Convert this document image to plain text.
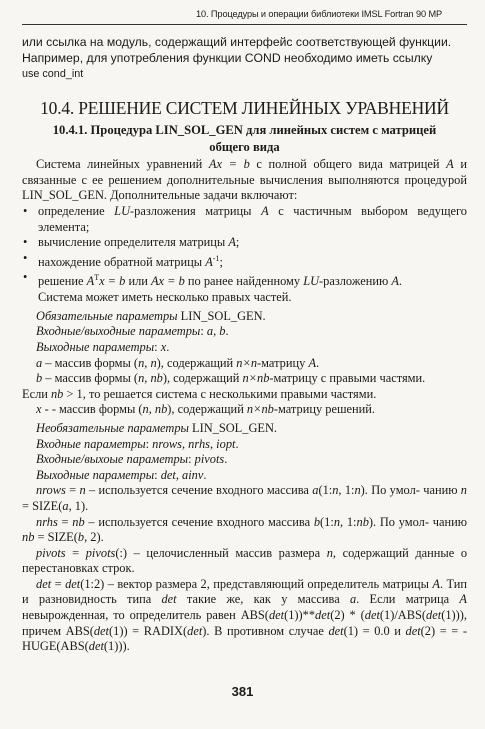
10. Процедуры и операции библиотеки IMSL Fortran 90 MP

или ссылка на модуль, содержащий интерфейс соответствующей функции.

Например, для употребления функции COND необходимо иметь ссылку

use cond_int

10.4. РЕШЕНИЕ СИСТЕМ ЛИНЕЙНЫХ УРАВНЕНИЙ
10.4.1. Процедура LIN_SOL_GEN для линейных систем с матрицей
общего вида

Система линейных уравнений Ax = b с полной общего вида матрицей A и связанные с ее решением дополнительные вычисления выполняются процедурой LIN_SOL_GEN. Дополнительные задачи включают:

• определение LU-разложения матрицы A с частичным выбором ведущего элемента;

• вычисление определителя матрицы A;

• нахождение обратной матрицы $A^{-1}$;

• решение $A^Tx = b$ или Ax = b по ранее найденному LU-разложению A.
Система может иметь несколько правых частей.

Обязательные параметры LIN_SOL_GEN.

Входные/выходные параметры: a, b.

Выходные параметры: x.

a – массив формы (n, n), содержащий n×n-матрицу A.

b – массив формы (n, nb), содержащий n×nb-матрицу с правыми частями.
Если nb > 1, то решается система с несколькими правыми частями.

x - - массив формы (n, nb), содержащий n×nb-матрицу решений.

Необязательные параметры LIN_SOL_GEN.

Входные параметры: nrows, nrhs, iopt.

Входные/выхоые параметры: pivots.

Выходные параметры: det, ainv.

nrows = n – используется сечение входного массива a(1:n, 1:n). По умол- чанию n = SIZE(a, 1).

nrhs = nb – используется сечение входного массива b(1:n, 1:nb). По умол- чанию nb = SIZE(b, 2).

pivots = pivots(:) – целочисленный массив размера n, содержащий данные о перестановках строк.

det = det(1:2) – вектор размера 2, представляющий определитель матрицы A. Тип и разновидность типа det такие же, как у массива a. Если матрица A невырожденная, то определитель равен ABS(det(1))**det(2) * (det(1)/ABS(det(1))), причем ABS(det(1)) = RADIX(det). В противном случае det(1) = 0.0 и det(2) = = -HUGE(ABS(det(1))).

381
